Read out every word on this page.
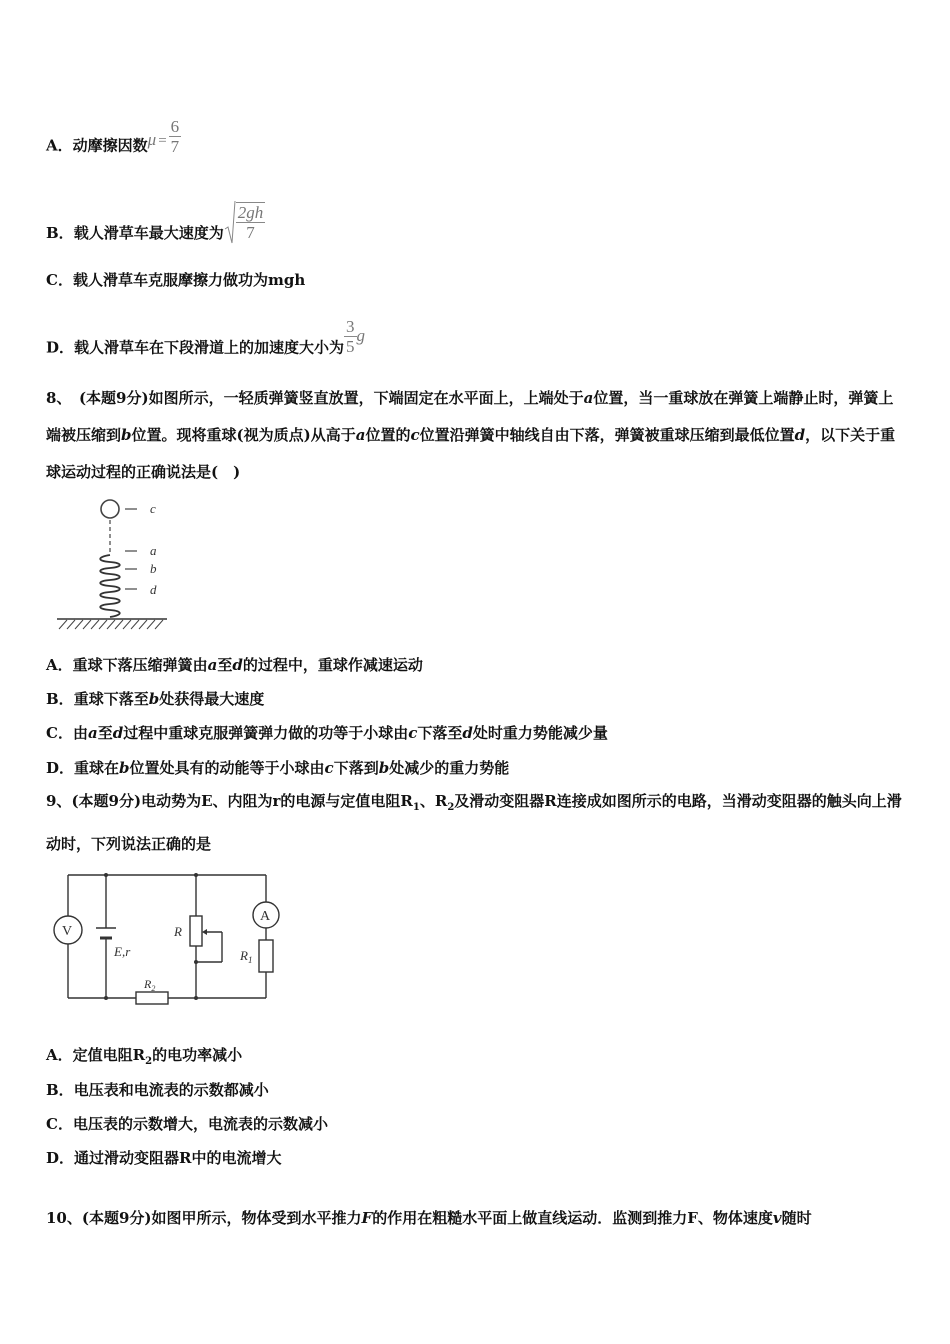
A．动摩擦因数$\mu = \frac{6}{7}$
B．载人滑草车最大速度为 $\frac{2gh}{7}$
C．载人滑草车克服摩擦力做功为mgh
D．载人滑草车在下段滑道上的加速度大小为 $\frac{3}{5}$ g
8、　 (本题9分)如图所示，一轻质弹簧竖直放置，下端固定在水平面上，上端处于a位置，当一重球放在弹簧上端静止时，弹簧上端被压缩到b位置。现将重球(视为质点)从高于a位置的c位置沿弹簧中轴线自由下落，弹簧被重球压缩到最低位置d，以下关于重球运动过程的正确说法是(　)
c
a
b
d
A．重球下落压缩弹簧由a至d的过程中，重球作减速运动
B．重球下落至b处获得最大速度
C．由a至d过程中重球克服弹簧弹力做的功等于小球由c下落至d处时重力势能减少量
D．重球在b位置处具有的动能等于小球由c下落到b处减少的重力势能
9、(本题9分)电动势为E、内阻为r的电源与定值电阻$R_1$、$R_2$及滑动变阻器R连接成如图所示的电路，当滑动变阻器的触头向上滑动时，下列说法正确的是
E,r
V
A
$R_1$
R
$R_2$
A．定值电阻$R_2$的电功率减小
B．电压表和电流表的示数都减小
C．电压表的示数增大，电流表的示数减小
D．通过滑动变阻器R中的电流增大
10、(本题9分)如图甲所示，物体受到水平推力F的作用在粗糙水平面上做直线运动．监测到推力F、物体速度v随时
